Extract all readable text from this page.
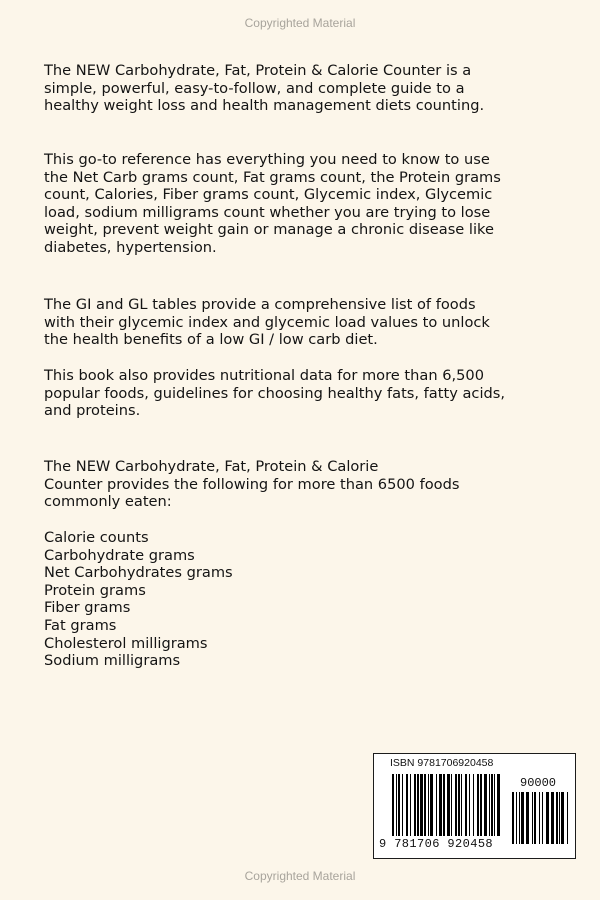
Copyrighted Material

The NEW Carbohydrate, Fat, Protein & Calorie Counter is a
simple, powerful, easy-to-follow, and complete guide to a
healthy weight loss and health management diets counting.

This go-to reference has everything you need to know to use
the Net Carb grams count, Fat grams count, the Protein grams
count, Calories, Fiber grams count, Glycemic index, Glycemic
load, sodium milligrams count whether you are trying to lose
weight, prevent weight gain or manage a chronic disease like
diabetes, hypertension.

The GI and GL tables provide a comprehensive list of foods
with their glycemic index and glycemic load values to unlock
the health benefits of a low GI / low carb diet.

This book also provides nutritional data for more than 6,500
popular foods, guidelines for choosing healthy fats, fatty acids,
and proteins.

The NEW Carbohydrate, Fat, Protein & Calorie
Counter provides the following for more than 6500 foods
commonly eaten:

Calorie counts
Carbohydrate grams
Net Carbohydrates grams
Protein grams
Fiber grams
Fat grams
Cholesterol milligrams
Sodium milligrams
ISBN 9781706920458
9 781706 920458
90000
Copyrighted Material
